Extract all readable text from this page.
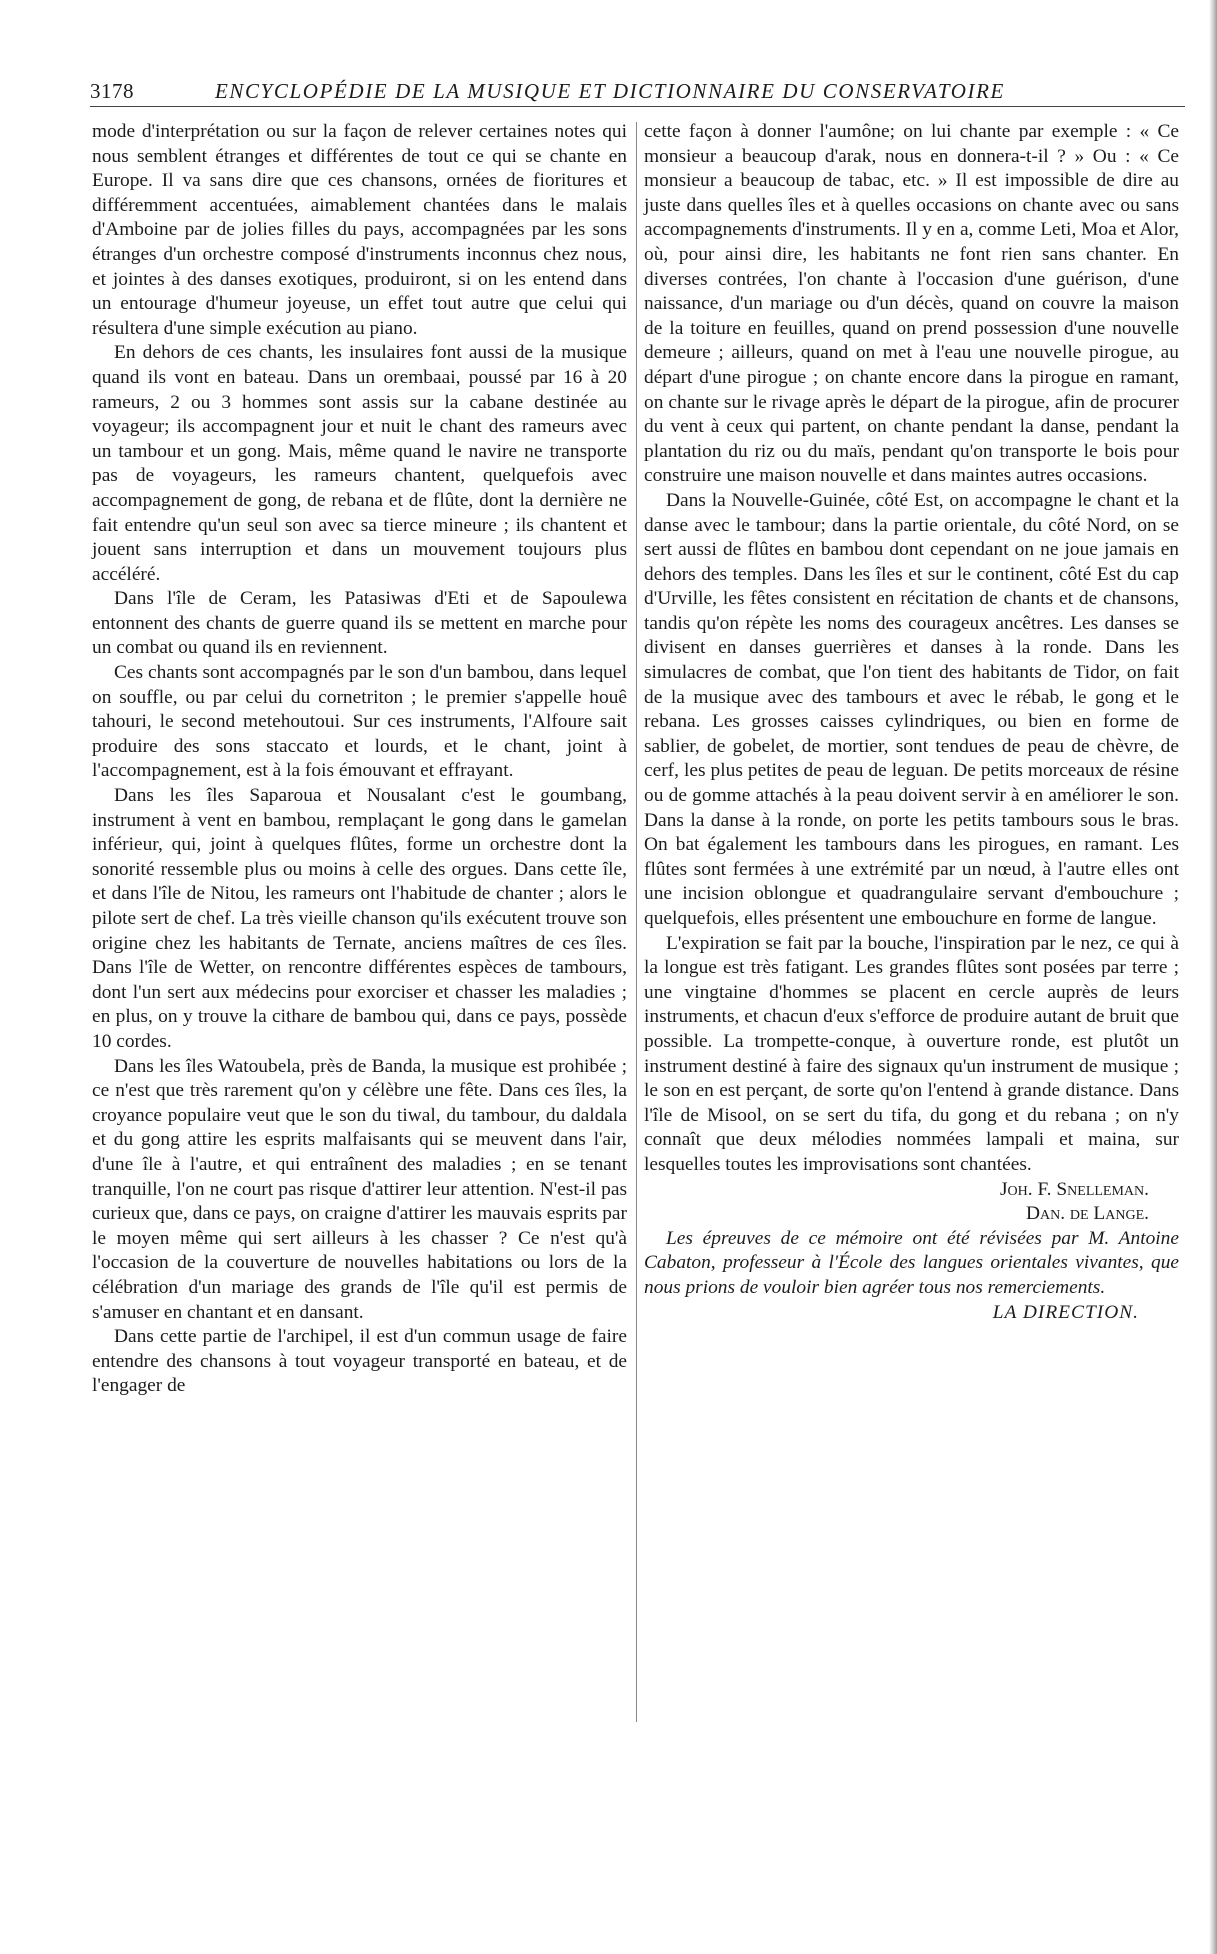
3178	ENCYCLOPÉDIE DE LA MUSIQUE ET DICTIONNAIRE DU CONSERVATOIRE

mode d'interprétation ou sur la façon de relever certaines notes qui nous semblent étranges et différentes de tout ce qui se chante en Europe. Il va sans dire que ces chansons, ornées de fioritures et différemment accentuées, aimablement chantées dans le malais d'Amboine par de jolies filles du pays, accompagnées par les sons étranges d'un orchestre composé d'instruments inconnus chez nous, et jointes à des danses exotiques, produiront, si on les entend dans un entourage d'humeur joyeuse, un effet tout autre que celui qui résultera d'une simple exécution au piano.

En dehors de ces chants, les insulaires font aussi de la musique quand ils vont en bateau. Dans un orembaai, poussé par 16 à 20 rameurs, 2 ou 3 hommes sont assis sur la cabane destinée au voyageur; ils accompagnent jour et nuit le chant des rameurs avec un tambour et un gong. Mais, même quand le navire ne transporte pas de voyageurs, les rameurs chantent, quelquefois avec accompagnement de gong, de rebana et de flûte, dont la dernière ne fait entendre qu'un seul son avec sa tierce mineure ; ils chantent et jouent sans interruption et dans un mouvement toujours plus accéléré.

Dans l'île de Ceram, les Patasiwas d'Eti et de Sapoulewa entonnent des chants de guerre quand ils se mettent en marche pour un combat ou quand ils en reviennent.

Ces chants sont accompagnés par le son d'un bambou, dans lequel on souffle, ou par celui du cornetriton ; le premier s'appelle houê tahouri, le second metehoutoui. Sur ces instruments, l'Alfoure sait produire des sons staccato et lourds, et le chant, joint à l'accompagnement, est à la fois émouvant et effrayant.

Dans les îles Saparoua et Nousalant c'est le goumbang, instrument à vent en bambou, remplaçant le gong dans le gamelan inférieur, qui, joint à quelques flûtes, forme un orchestre dont la sonorité ressemble plus ou moins à celle des orgues. Dans cette île, et dans l'île de Nitou, les rameurs ont l'habitude de chanter ; alors le pilote sert de chef. La très vieille chanson qu'ils exécutent trouve son origine chez les habitants de Ternate, anciens maîtres de ces îles. Dans l'île de Wetter, on rencontre différentes espèces de tambours, dont l'un sert aux médecins pour exorciser et chasser les maladies ; en plus, on y trouve la cithare de bambou qui, dans ce pays, possède 10 cordes.

Dans les îles Watoubela, près de Banda, la musique est prohibée ; ce n'est que très rarement qu'on y célèbre une fête. Dans ces îles, la croyance populaire veut que le son du tiwal, du tambour, du daldala et du gong attire les esprits malfaisants qui se meuvent dans l'air, d'une île à l'autre, et qui entraînent des maladies ; en se tenant tranquille, l'on ne court pas risque d'attirer leur attention. N'est-il pas curieux que, dans ce pays, on craigne d'attirer les mauvais esprits par le moyen même qui sert ailleurs à les chasser ? Ce n'est qu'à l'occasion de la couverture de nouvelles habitations ou lors de la célébration d'un mariage des grands de l'île qu'il est permis de s'amuser en chantant et en dansant.

Dans cette partie de l'archipel, il est d'un commun usage de faire entendre des chansons à tout voyageur transporté en bateau, et de l'engager de

cette façon à donner l'aumône; on lui chante par exemple : « Ce monsieur a beaucoup d'arak, nous en donnera-t-il ? » Ou : « Ce monsieur a beaucoup de tabac, etc. » Il est impossible de dire au juste dans quelles îles et à quelles occasions on chante avec ou sans accompagnements d'instruments. Il y en a, comme Leti, Moa et Alor, où, pour ainsi dire, les habitants ne font rien sans chanter. En diverses contrées, l'on chante à l'occasion d'une guérison, d'une naissance, d'un mariage ou d'un décès, quand on couvre la maison de la toiture en feuilles, quand on prend possession d'une nouvelle demeure ; ailleurs, quand on met à l'eau une nouvelle pirogue, au départ d'une pirogue ; on chante encore dans la pirogue en ramant, on chante sur le rivage après le départ de la pirogue, afin de procurer du vent à ceux qui partent, on chante pendant la danse, pendant la plantation du riz ou du maïs, pendant qu'on transporte le bois pour construire une maison nouvelle et dans maintes autres occasions.

Dans la Nouvelle-Guinée, côté Est, on accompagne le chant et la danse avec le tambour; dans la partie orientale, du côté Nord, on se sert aussi de flûtes en bambou dont cependant on ne joue jamais en dehors des temples. Dans les îles et sur le continent, côté Est du cap d'Urville, les fêtes consistent en récitation de chants et de chansons, tandis qu'on répète les noms des courageux ancêtres. Les danses se divisent en danses guerrières et danses à la ronde. Dans les simulacres de combat, que l'on tient des habitants de Tidor, on fait de la musique avec des tambours et avec le rébab, le gong et le rebana. Les grosses caisses cylindriques, ou bien en forme de sablier, de gobelet, de mortier, sont tendues de peau de chèvre, de cerf, les plus petites de peau de leguan. De petits morceaux de résine ou de gomme attachés à la peau doivent servir à en améliorer le son. Dans la danse à la ronde, on porte les petits tambours sous le bras. On bat également les tambours dans les pirogues, en ramant. Les flûtes sont fermées à une extrémité par un nœud, à l'autre elles ont une incision oblongue et quadrangulaire servant d'embouchure ; quelquefois, elles présentent une embouchure en forme de langue.

L'expiration se fait par la bouche, l'inspiration par le nez, ce qui à la longue est très fatigant. Les grandes flûtes sont posées par terre ; une vingtaine d'hommes se placent en cercle auprès de leurs instruments, et chacun d'eux s'efforce de produire autant de bruit que possible. La trompette-conque, à ouverture ronde, est plutôt un instrument destiné à faire des signaux qu'un instrument de musique ; le son en est perçant, de sorte qu'on l'entend à grande distance. Dans l'île de Misool, on se sert du tifa, du gong et du rebana ; on n'y connaît que deux mélodies nommées lampali et maina, sur lesquelles toutes les improvisations sont chantées.

Joh. F. Snelleman.

Dan. de Lange.

Les épreuves de ce mémoire ont été révisées par M. Antoine Cabaton, professeur à l'École des langues orientales vivantes, que nous prions de vouloir bien agréer tous nos remerciements.

LA DIRECTION.
